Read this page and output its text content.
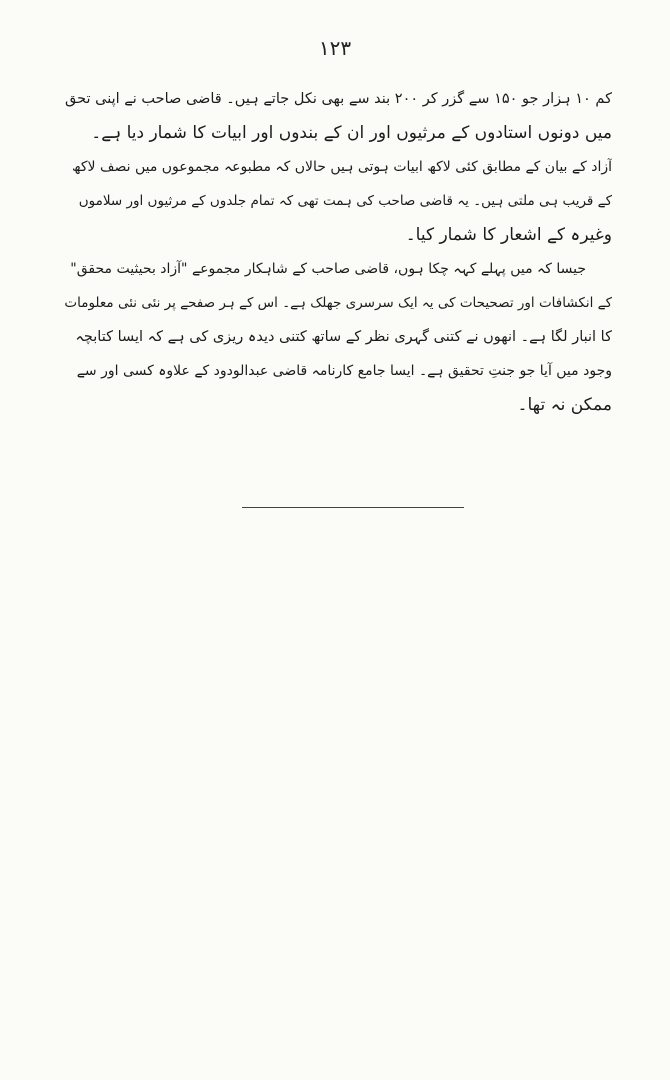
۱۲۳
کم ۱۰ ہزار جو ۱۵۰ سے گزر کر ۲۰۰ بند سے بھی نکل جاتے ہیں۔ قاضی صاحب نے اپنی تحق
میں دونوں استادوں کے مرثیوں اور ان کے بندوں اور ابیات کا شمار دیا ہے۔
آزاد کے بیان کے مطابق کئی لاکھ ابیات ہوتی ہیں حالاں کہ مطبوعہ مجموعوں میں نصف لاکھ
کے قریب ہی ملتی ہیں۔ یہ قاضی صاحب کی ہمت تھی کہ تمام جلدوں کے مرثیوں اور سلاموں
وغیرہ کے اشعار کا شمار کیا۔
جیسا کہ میں پہلے کہہ چکا ہوں، قاضی صاحب کے شاہکار مجموعے "آزاد بحیثیت محقق"
کے انکشافات اور تصحیحات کی یہ ایک سرسری جھلک ہے۔ اس کے ہر صفحے پر نئی نئی معلومات
کا انبار لگا ہے۔ انھوں نے کتنی گہری نظر کے ساتھ کتنی دیدہ ریزی کی ہے کہ ایسا کتابچہ
وجود میں آیا جو جنتِ تحقیق ہے۔ ایسا جامع کارنامہ قاضی عبدالودود کے علاوہ کسی اور سے
ممکن نہ تھا۔
